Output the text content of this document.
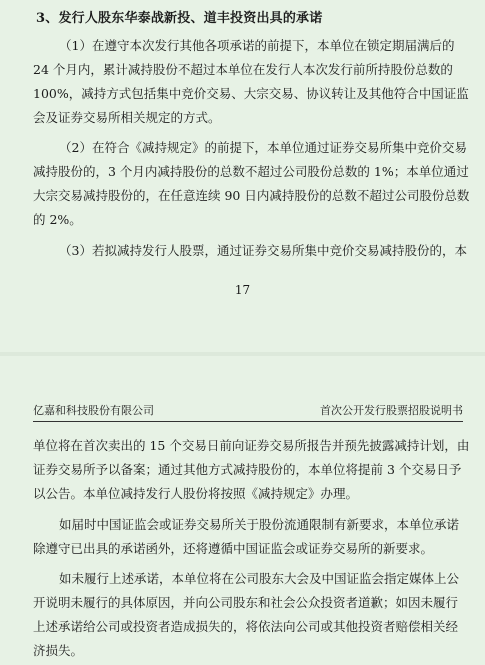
3、发行人股东华泰战新投、道丰投资出具的承诺

（1）在遵守本次发行其他各项承诺的前提下，本单位在锁定期届满后的
24 个月内，累计减持股份不超过本单位在发行人本次发行前所持股份总数的
100%，减持方式包括集中竞价交易、大宗交易、协议转让及其他符合中国证监
会及证券交易所相关规定的方式。

（2）在符合《减持规定》的前提下，本单位通过证券交易所集中竞价交易
减持股份的，3 个月内减持股份的总数不超过公司股份总数的 1%；本单位通过
大宗交易减持股份的，在任意连续 90 日内减持股份的总数不超过公司股份总数
的 2%。

（3）若拟减持发行人股票，通过证券交易所集中竞价交易减持股份的，本

17
亿嘉和科技股份有限公司	首次公开发行股票招股说明书

单位将在首次卖出的 15 个交易日前向证券交易所报告并预先披露减持计划，由
证券交易所予以备案；通过其他方式减持股份的，本单位将提前 3 个交易日予
以公告。本单位减持发行人股份将按照《减持规定》办理。

如届时中国证监会或证券交易所关于股份流通限制有新要求，本单位承诺
除遵守已出具的承诺函外，还将遵循中国证监会或证券交易所的新要求。

如未履行上述承诺，本单位将在公司股东大会及中国证监会指定媒体上公
开说明未履行的具体原因，并向公司股东和社会公众投资者道歉；如因未履行
上述承诺给公司或投资者造成损失的，将依法向公司或其他投资者赔偿相关经
济损失。
